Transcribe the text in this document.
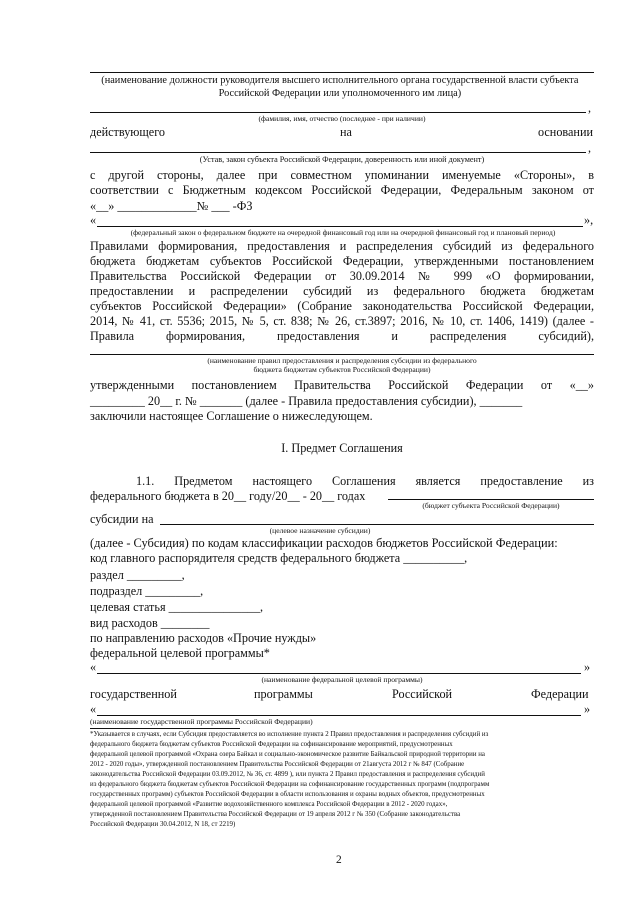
(наименование должности руководителя высшего исполнительного органа государственной власти субъекта
Российской Федерации или уполномоченного им лица)
,
(фамилия, имя, отчество (последнее - при наличии)
действующего	на	основании
,
(Устав, закон субъекта Российской Федерации, доверенность или иной документ)
с другой стороны, далее при совместном упоминании именуемые «Стороны», в
соответствии с Бюджетным кодексом Российской Федерации, Федеральным законом от
«__» _____________№ ___ -ФЗ
«	»,
(федеральный закон о федеральном бюджете на очередной финансовый год или на очередной финансовый год и плановый период)
Правилами формирования, предоставления и распределения субсидий из федерального
бюджета бюджетам субъектов Российской Федерации, утвержденными постановлением
Правительства Российской Федерации от 30.09.2014 № 999 «О формировании,
предоставлении и распределении субсидий из федерального бюджета бюджетам
субъектов Российской Федерации» (Собрание законодательства Российской Федерации,
2014, № 41, ст. 5536; 2015, № 5, ст. 838; № 26, ст.3897; 2016, № 10, ст. 1406, 1419) (далее -
Правила формирования, предоставления и распределения субсидий),
(наименование правил предоставления и распределения субсидии из федерального
бюджета бюджетам субъектов Российской Федерации)
утвержденными постановлением Правительства Российской Федерации от «__»
_________ 20__ г. № _______ (далее - Правила предоставления субсидии), _______
заключили настоящее Соглашение о нижеследующем.
I. Предмет Соглашения
1.1. Предметом настоящего Соглашения является предоставление из
федерального бюджета в 20__ году/20__ - 20__ годах
(бюджет субъекта Российской Федерации)
субсидии на
(целевое назначение субсидии)
(далее - Субсидия) по кодам классификации расходов бюджетов Российской Федерации:
код главного распорядителя средств федерального бюджета __________,
раздел _________,
подраздел _________,
целевая статья _______________,
вид расходов ________
по направлению расходов «Прочие нужды»
федеральной целевой программы*
«	»
(наименование федеральной целевой программы)
государственной	программы	Российской	Федерации
«	»
(наименование государственной программы Российской Федерации)
*Указывается в случаях, если Субсидия предоставляется во исполнение пункта 2 Правил предоставления и распределения субсидий из
федерального бюджета бюджетам субъектов Российской Федерации на софинансирование мероприятий, предусмотренных
федеральной целевой программой «Охрана озера Байкал и социально-экономическое развитие Байкальской природной территории на
2012 - 2020 годы», утвержденной постановлением Правительства Российской Федерации от 21августа 2012 г № 847 (Собрание
законодательства Российской Федерации 03.09.2012, № 36, ст. 4899 ), или пункта 2 Правил предоставления и распределения субсидий
из федерального бюджета бюджетам субъектов Российской Федерации на софинансирование государственных программ (подпрограмм
государственных программ) субъектов Российской Федерации в области использования и охраны водных объектов, предусмотренных
федеральной целевой программой «Развитие водохозяйственного комплекса Российской Федерации в 2012 - 2020 годах»,
утвержденной постановлением Правительства Российской Федерации от 19 апреля 2012 г № 350 (Собрание законодательства
Российской Федерации 30.04.2012, N 18, ст 2219)
2
